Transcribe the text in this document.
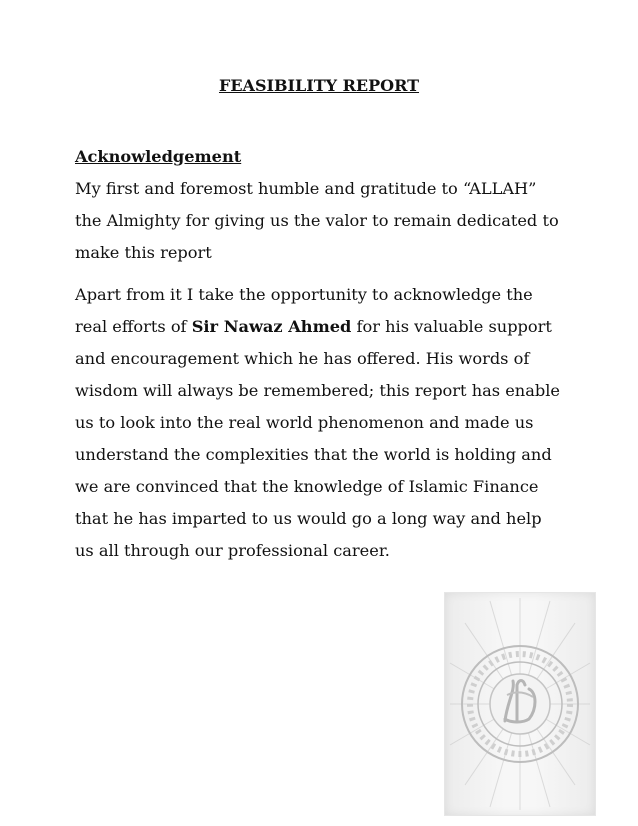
FEASIBILITY REPORT

Acknowledgement

My first and foremost humble and gratitude to “ALLAH”
the Almighty for giving us the valor to remain dedicated to
make this report

Apart from it I take the opportunity to acknowledge the
real efforts of Sir Nawaz Ahmed for his valuable support
and encouragement which he has offered. His words of
wisdom will always be remembered; this report has enable
us to look into the real world phenomenon and made us
understand the complexities that the world is holding and
we are convinced that the knowledge of Islamic Finance
that he has imparted to us would go a long way and help
us all through our professional career.
